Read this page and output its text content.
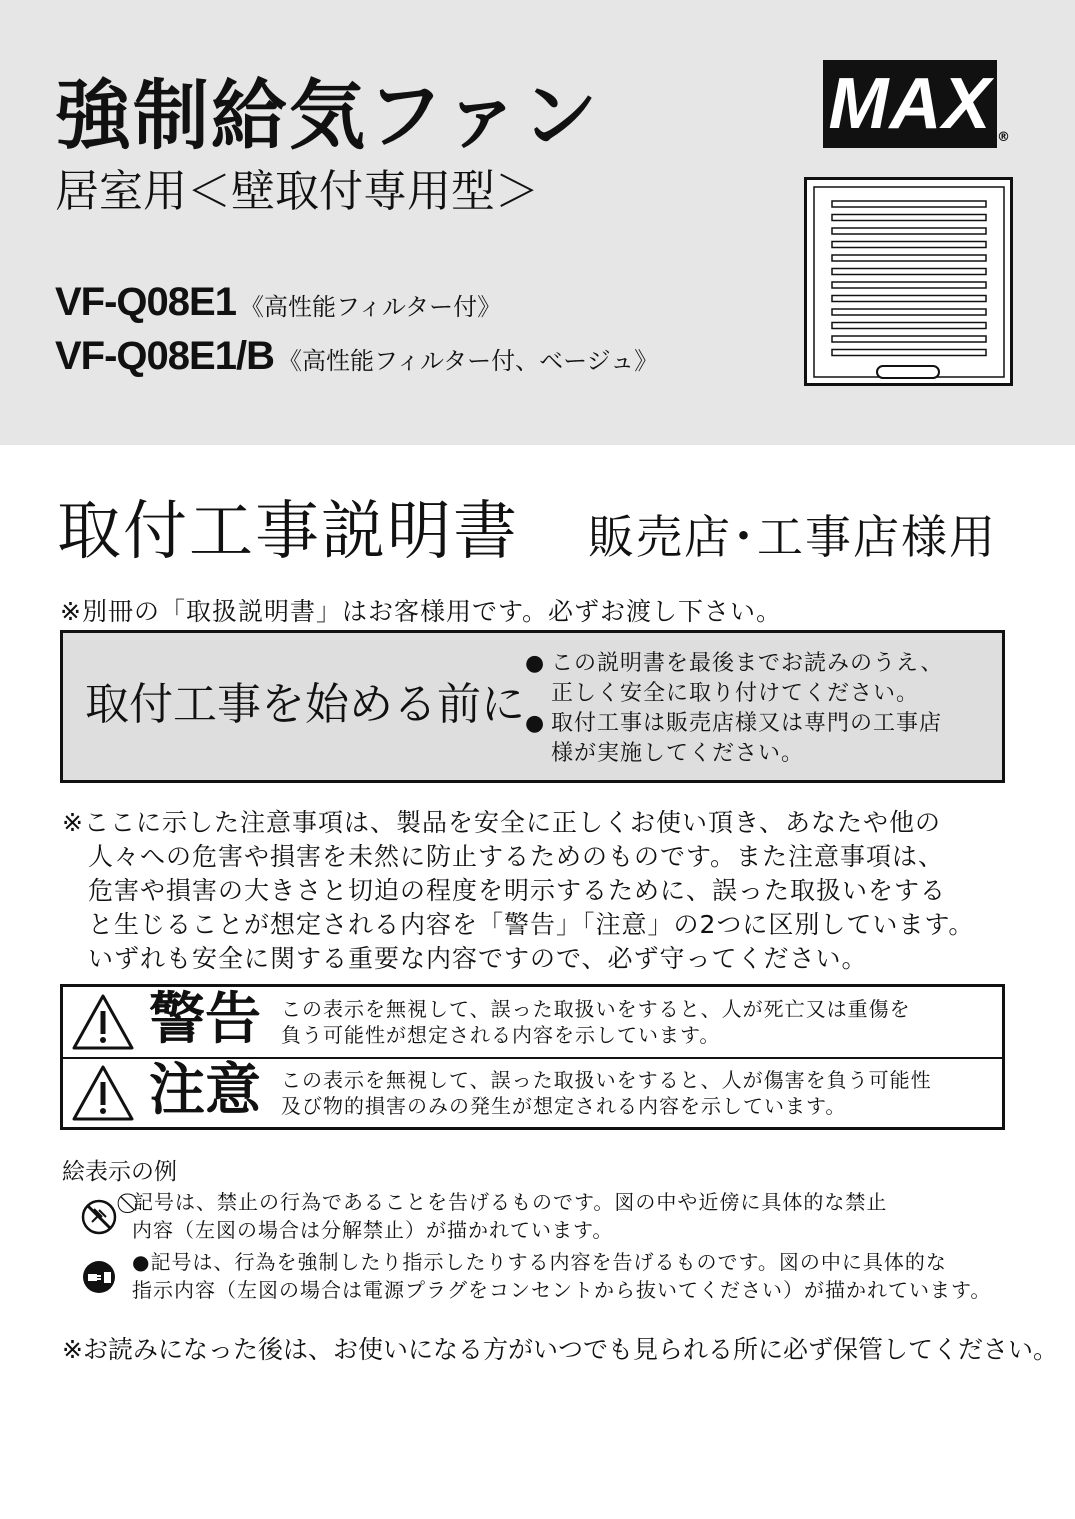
強制給気ファン
居室用＜壁取付専用型＞
VF-Q08E1 《高性能フィルター付》
VF-Q08E1/B 《高性能フィルター付、ベージュ》
MAX ®
取付工事説明書 販売店･工事店様用
※別冊の「取扱説明書」はお客様用です。必ずお渡し下さい。
取付工事を始める前に
● この説明書を最後までお読みのうえ、
正しく安全に取り付けてください。
● 取付工事は販売店様又は専門の工事店
様が実施してください。
※ここに示した注意事項は、製品を安全に正しくお使い頂き、あなたや他の
人々への危害や損害を未然に防止するためのものです。また注意事項は、
危害や損害の大きさと切迫の程度を明示するために、誤った取扱いをする
と生じることが想定される内容を「警告」「注意」の2つに区別しています。
いずれも安全に関する重要な内容ですので、必ず守ってください。
警告 この表示を無視して、誤った取扱いをすると、人が死亡又は重傷を
負う可能性が想定される内容を示しています。
注意 この表示を無視して、誤った取扱いをすると、人が傷害を負う可能性
及び物的損害のみの発生が想定される内容を示しています。
絵表示の例
⃠記号は、禁止の行為であることを告げるものです。図の中や近傍に具体的な禁止
内容（左図の場合は分解禁止）が描かれています。
●記号は、行為を強制したり指示したりする内容を告げるものです。図の中に具体的な
指示内容（左図の場合は電源プラグをコンセントから抜いてください）が描かれています。
※お読みになった後は、お使いになる方がいつでも見られる所に必ず保管してください。
